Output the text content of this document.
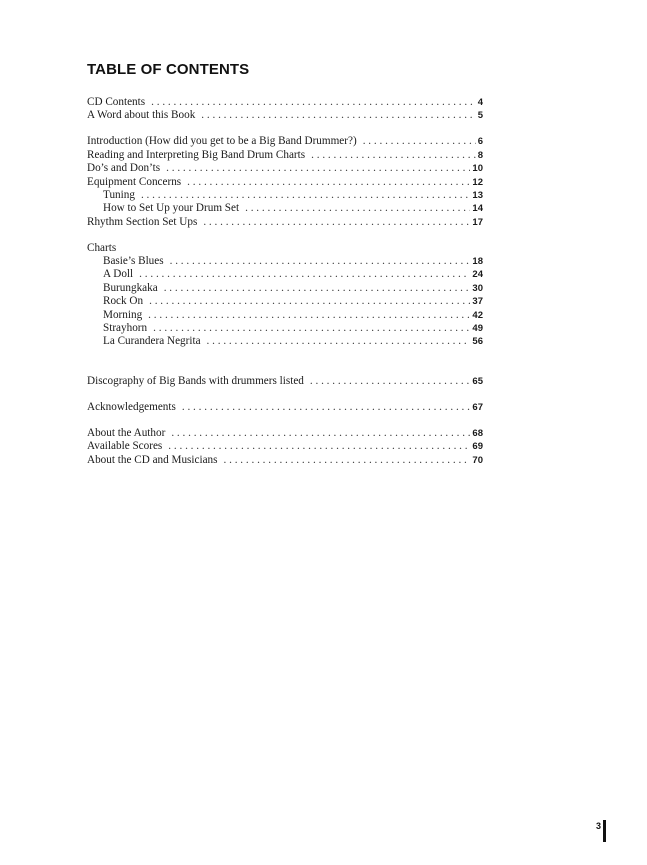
TABLE OF CONTENTS
CD Contents . . .	4
A Word about this Book . . .	5
Introduction (How did you get to be a Big Band Drummer?) . . .	6
Reading and Interpreting Big Band Drum Charts . . .	8
Do’s and Don’ts . . .	10
Equipment Concerns . . .	12
Tuning . . .	13
How to Set Up your Drum Set . . .	14
Rhythm Section Set Ups . . .	17
Charts
Basie’s Blues . . .	18
A Doll . . .	24
Burungkaka . . .	30
Rock On . . .	37
Morning . . .	42
Strayhorn . . .	49
La Curandera Negrita . . .	56
Discography of Big Bands with drummers listed . . .	65
Acknowledgements . . .	67
About the Author . . .	68
Available Scores . . .	69
About the CD and Musicians . . .	70
3
